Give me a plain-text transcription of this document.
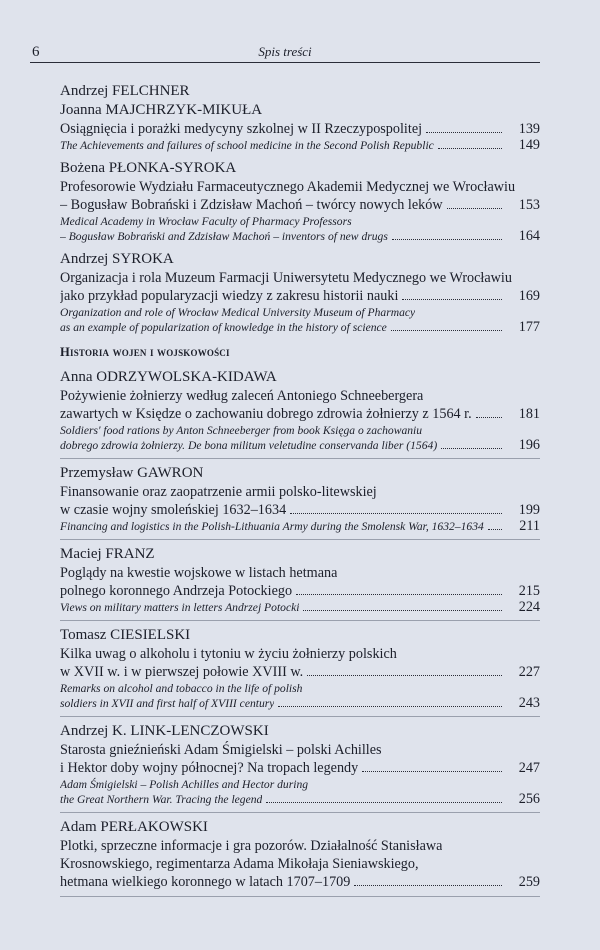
6	Spis treści
Andrzej FELCHNER
Joanna MAJCHRZYK-MIKUŁA
Osiągnięcia i porażki medycyny szkolnej w II Rzeczypospolitej	139
The Achievements and failures of school medicine in the Second Polish Republic	149
Bożena PŁONKA-SYROKA
Profesorowie Wydziału Farmaceutycznego Akademii Medycznej we Wrocławiu
– Bogusław Bobrański i Zdzisław Machoń – twórcy nowych leków	153
Medical Academy in Wrocław Faculty of Pharmacy Professors
– Bogusław Bobrański and Zdzisław Machoń – inventors of new drugs	164
Andrzej SYROKA
Organizacja i rola Muzeum Farmacji Uniwersytetu Medycznego we Wrocławiu
jako przykład popularyzacji wiedzy z zakresu historii nauki	169
Organization and role of Wrocław Medical University Museum of Pharmacy
as an example of popularization of knowledge in the history of science	177
Historia wojen i wojskowości
Anna ODRZYWOLSKA-KIDAWA
Pożywienie żołnierzy według zaleceń Antoniego Schneebergera
zawartych w Księdze o zachowaniu dobrego zdrowia żołnierzy z 1564 r.	181
Soldiers' food rations by Anton Schneeberger from book Księga o zachowaniu
dobrego zdrowia żołnierzy. De bona militum veletudine conservanda liber (1564)	196
Przemysław GAWRON
Finansowanie oraz zaopatrzenie armii polsko-litewskiej
w czasie wojny smoleńskiej 1632–1634	199
Financing and logistics in the Polish-Lithuania Army during the Smolensk War, 1632–1634	211
Maciej FRANZ
Poglądy na kwestie wojskowe w listach hetmana
polnego koronnego Andrzeja Potockiego	215
Views on military matters in letters Andrzej Potocki	224
Tomasz CIESIELSKI
Kilka uwag o alkoholu i tytoniu w życiu żołnierzy polskich
w XVII w. i w pierwszej połowie XVIII w.	227
Remarks on alcohol and tobacco in the life of polish
soldiers in XVII and first half of XVIII century	243
Andrzej K. LINK-LENCZOWSKI
Starosta gnieźnieński Adam Śmigielski – polski Achilles
i Hektor doby wojny północnej? Na tropach legendy	247
Adam Śmigielski – Polish Achilles and Hector during
the Great Northern War. Tracing the legend	256
Adam PERŁAKOWSKI
Plotki, sprzeczne informacje i gra pozorów. Działalność Stanisława
Krosnowskiego, regimentarza Adama Mikołaja Sieniawskiego,
hetmana wielkiego koronnego w latach 1707–1709	259
